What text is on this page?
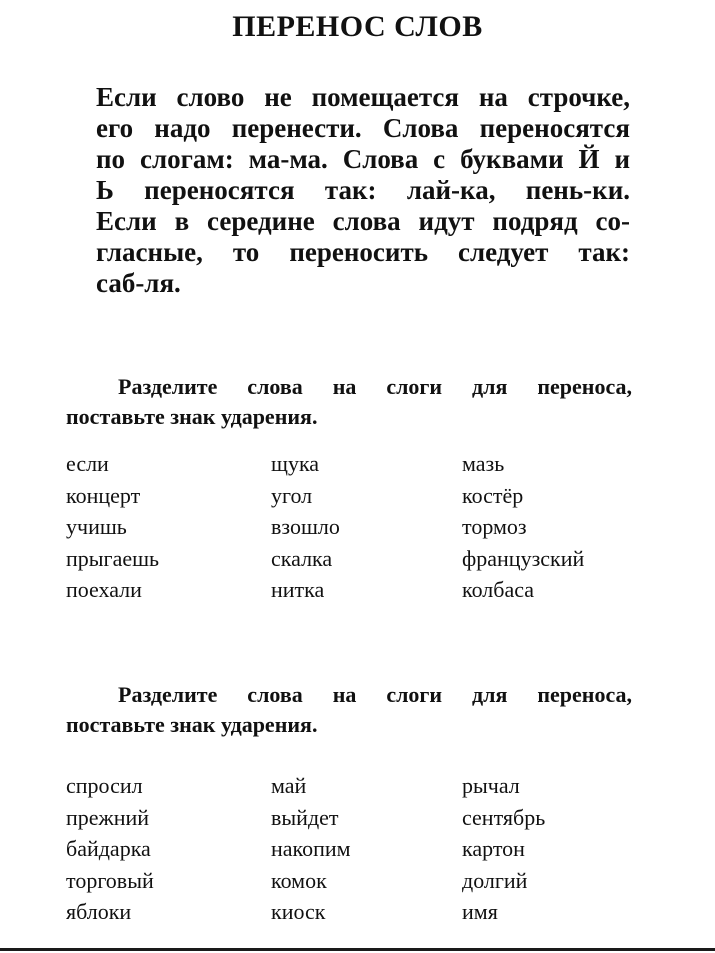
ПЕРЕНОС СЛОВ
Если слово не помещается на строчке,
его надо перенести. Слова переносятся
по слогам: ма-ма. Слова с буквами Й и
Ь переносятся так: лай-ка, пень-ки.
Если в середине слова идут подряд со-
гласные, то переносить следует так:
саб-ля.
Разделите слова на слоги для переноса,
поставьте знак ударения.
если	щука	мазь
концерт	угол	костёр
учишь	взошло	тормоз
прыгаешь	скалка	французский
поехали	нитка	колбаса
Разделите слова на слоги для переноса,
поставьте знак ударения.
спросил	май	рычал
прежний	выйдет	сентябрь
байдарка	накопим	картон
торговый	комок	долгий
яблоки	киоск	имя
